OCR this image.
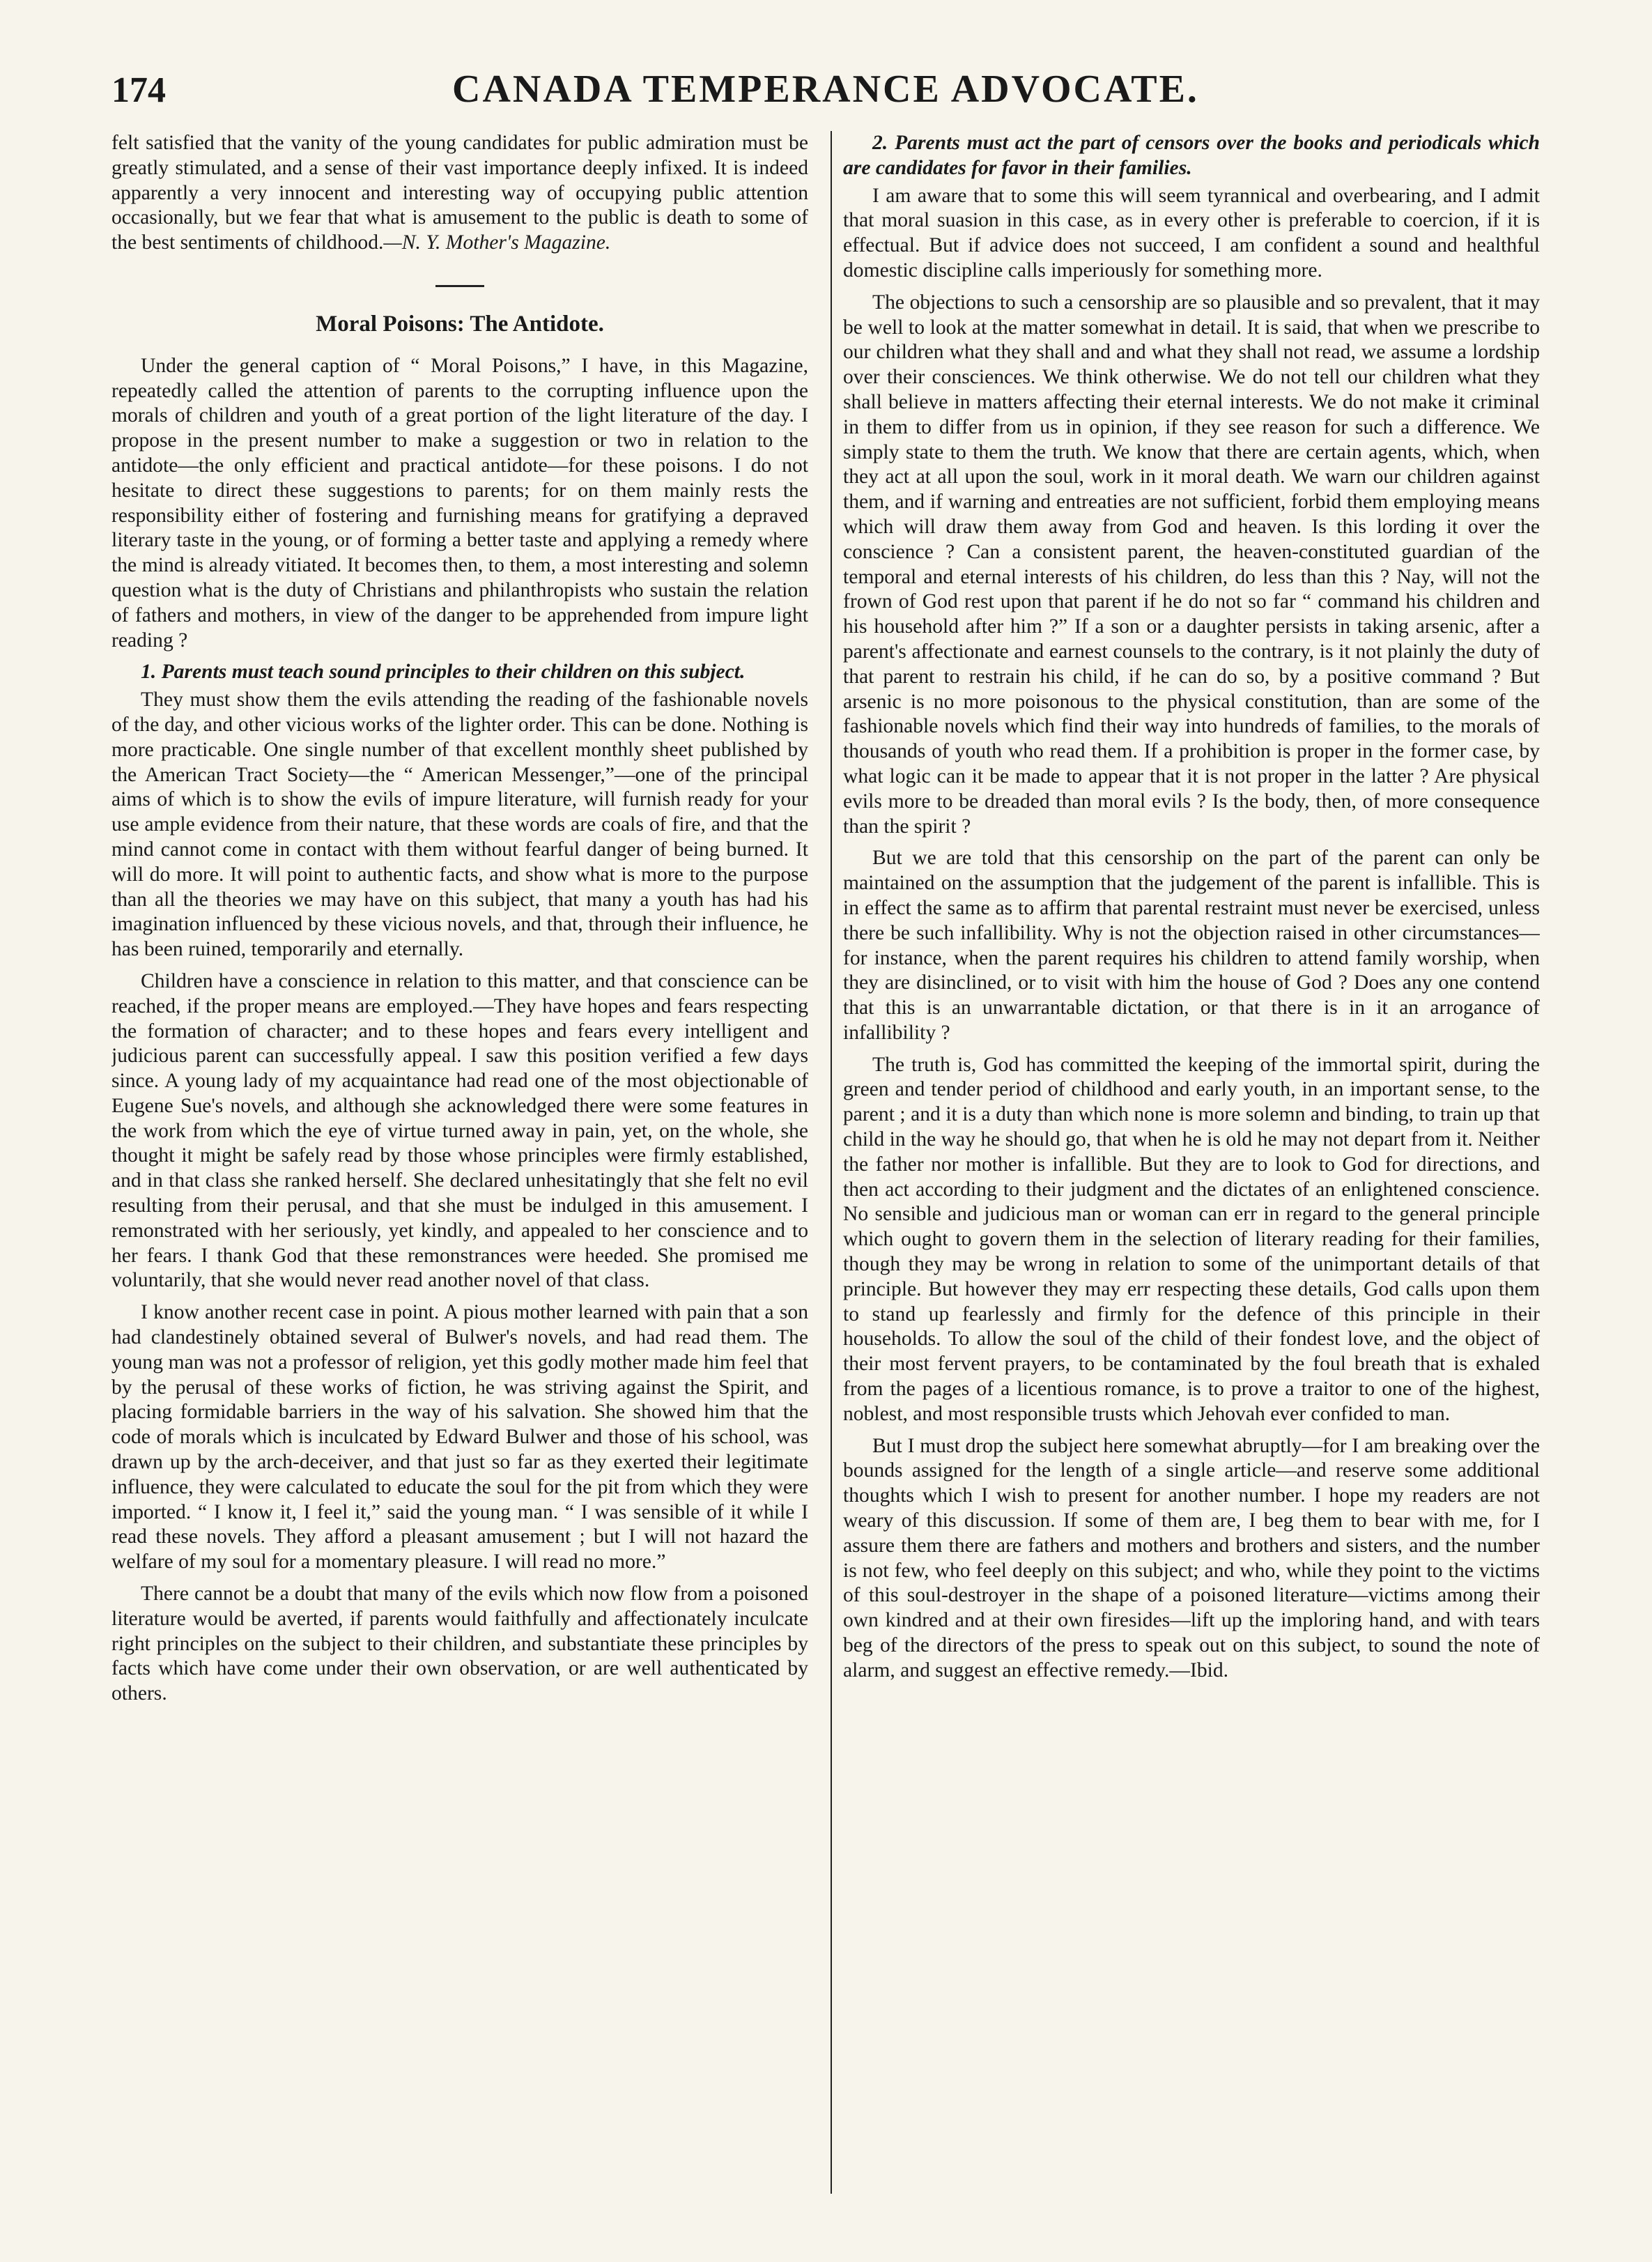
174	CANADA TEMPERANCE ADVOCATE.

felt satisfied that the vanity of the young candidates for public admiration must be greatly stimulated, and a sense of their vast importance deeply infixed. It is indeed apparently a very innocent and interesting way of occupying public attention occasionally, but we fear that what is amusement to the public is death to some of the best sentiments of childhood.—N. Y. Mother's Magazine.

Moral Poisons: The Antidote.

Under the general caption of “ Moral Poisons,” I have, in this Magazine, repeatedly called the attention of parents to the corrupting influence upon the morals of children and youth of a great portion of the light literature of the day. I propose in the present number to make a suggestion or two in relation to the antidote—the only efficient and practical antidote—for these poisons. I do not hesitate to direct these suggestions to parents; for on them mainly rests the responsibility either of fostering and furnishing means for gratifying a depraved literary taste in the young, or of forming a better taste and applying a remedy where the mind is already vitiated. It becomes then, to them, a most interesting and solemn question what is the duty of Christians and philanthropists who sustain the relation of fathers and mothers, in view of the danger to be apprehended from impure light reading ?

1. Parents must teach sound principles to their children on this subject.

They must show them the evils attending the reading of the fashionable novels of the day, and other vicious works of the lighter order. This can be done. Nothing is more practicable. One single number of that excellent monthly sheet published by the American Tract Society—the “ American Messenger,”—one of the principal aims of which is to show the evils of impure literature, will furnish ready for your use ample evidence from their nature, that these words are coals of fire, and that the mind cannot come in contact with them without fearful danger of being burned. It will do more. It will point to authentic facts, and show what is more to the purpose than all the theories we may have on this subject, that many a youth has had his imagination influenced by these vicious novels, and that, through their influence, he has been ruined, temporarily and eternally.

Children have a conscience in relation to this matter, and that conscience can be reached, if the proper means are employed.—They have hopes and fears respecting the formation of character; and to these hopes and fears every intelligent and judicious parent can successfully appeal. I saw this position verified a few days since. A young lady of my acquaintance had read one of the most objectionable of Eugene Sue's novels, and although she acknowledged there were some features in the work from which the eye of virtue turned away in pain, yet, on the whole, she thought it might be safely read by those whose principles were firmly established, and in that class she ranked herself. She declared unhesitatingly that she felt no evil resulting from their perusal, and that she must be indulged in this amusement. I remonstrated with her seriously, yet kindly, and appealed to her conscience and to her fears. I thank God that these remonstrances were heeded. She promised me voluntarily, that she would never read another novel of that class.

I know another recent case in point. A pious mother learned with pain that a son had clandestinely obtained several of Bulwer's novels, and had read them. The young man was not a professor of religion, yet this godly mother made him feel that by the perusal of these works of fiction, he was striving against the Spirit, and placing formidable barriers in the way of his salvation. She showed him that the code of morals which is inculcated by Edward Bulwer and those of his school, was drawn up by the arch-deceiver, and that just so far as they exerted their legitimate influence, they were calculated to educate the soul for the pit from which they were imported. “ I know it, I feel it,” said the young man. “ I was sensible of it while I read these novels. They afford a pleasant amusement ; but I will not hazard the welfare of my soul for a momentary pleasure. I will read no more.”

There cannot be a doubt that many of the evils which now flow from a poisoned literature would be averted, if parents would faithfully and affectionately inculcate right principles on the subject to their children, and substantiate these principles by facts which have come under their own observation, or are well authenticated by others.

2. Parents must act the part of censors over the books and periodicals which are candidates for favor in their families.

I am aware that to some this will seem tyrannical and overbearing, and I admit that moral suasion in this case, as in every other is preferable to coercion, if it is effectual. But if advice does not succeed, I am confident a sound and healthful domestic discipline calls imperiously for something more.

The objections to such a censorship are so plausible and so prevalent, that it may be well to look at the matter somewhat in detail. It is said, that when we prescribe to our children what they shall and and what they shall not read, we assume a lordship over their consciences. We think otherwise. We do not tell our children what they shall believe in matters affecting their eternal interests. We do not make it criminal in them to differ from us in opinion, if they see reason for such a difference. We simply state to them the truth. We know that there are certain agents, which, when they act at all upon the soul, work in it moral death. We warn our children against them, and if warning and entreaties are not sufficient, forbid them employing means which will draw them away from God and heaven. Is this lording it over the conscience ? Can a consistent parent, the heaven-constituted guardian of the temporal and eternal interests of his children, do less than this ? Nay, will not the frown of God rest upon that parent if he do not so far “ command his children and his household after him ?” If a son or a daughter persists in taking arsenic, after a parent's affectionate and earnest counsels to the contrary, is it not plainly the duty of that parent to restrain his child, if he can do so, by a positive command ? But arsenic is no more poisonous to the physical constitution, than are some of the fashionable novels which find their way into hundreds of families, to the morals of thousands of youth who read them. If a prohibition is proper in the former case, by what logic can it be made to appear that it is not proper in the latter ? Are physical evils more to be dreaded than moral evils ? Is the body, then, of more consequence than the spirit ?

But we are told that this censorship on the part of the parent can only be maintained on the assumption that the judgement of the parent is infallible. This is in effect the same as to affirm that parental restraint must never be exercised, unless there be such infallibility. Why is not the objection raised in other circumstances—for instance, when the parent requires his children to attend family worship, when they are disinclined, or to visit with him the house of God ? Does any one contend that this is an unwarrantable dictation, or that there is in it an arrogance of infallibility ?

The truth is, God has committed the keeping of the immortal spirit, during the green and tender period of childhood and early youth, in an important sense, to the parent ; and it is a duty than which none is more solemn and binding, to train up that child in the way he should go, that when he is old he may not depart from it. Neither the father nor mother is infallible. But they are to look to God for directions, and then act according to their judgment and the dictates of an enlightened conscience. No sensible and judicious man or woman can err in regard to the general principle which ought to govern them in the selection of literary reading for their families, though they may be wrong in relation to some of the unimportant details of that principle. But however they may err respecting these details, God calls upon them to stand up fearlessly and firmly for the defence of this principle in their households. To allow the soul of the child of their fondest love, and the object of their most fervent prayers, to be contaminated by the foul breath that is exhaled from the pages of a licentious romance, is to prove a traitor to one of the highest, noblest, and most responsible trusts which Jehovah ever confided to man.

But I must drop the subject here somewhat abruptly—for I am breaking over the bounds assigned for the length of a single article—and reserve some additional thoughts which I wish to present for another number. I hope my readers are not weary of this discussion. If some of them are, I beg them to bear with me, for I assure them there are fathers and mothers and brothers and sisters, and the number is not few, who feel deeply on this subject; and who, while they point to the victims of this soul-destroyer in the shape of a poisoned literature—victims among their own kindred and at their own firesides—lift up the imploring hand, and with tears beg of the directors of the press to speak out on this subject, to sound the note of alarm, and suggest an effective remedy.—Ibid.
